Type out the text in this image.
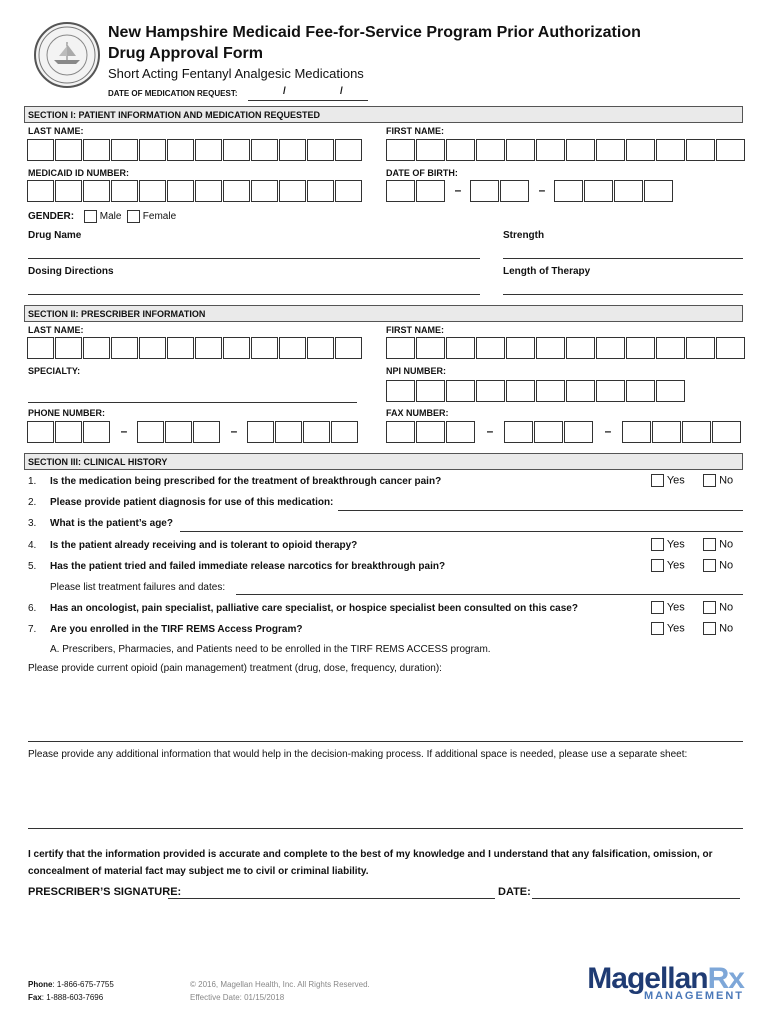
New Hampshire Medicaid Fee-for-Service Program Prior Authorization
Drug Approval Form
Short Acting Fentanyl Analgesic Medications
DATE OF MEDICATION REQUEST:	/	/
SECTION I: PATIENT INFORMATION AND MEDICATION REQUESTED
LAST NAME:	FIRST NAME:
MEDICAID ID NUMBER:	DATE OF BIRTH:
–	–
GENDER:	Male	Female
Drug Name	Strength
Dosing Directions	Length of Therapy
SECTION II: PRESCRIBER INFORMATION
LAST NAME:	FIRST NAME:
SPECIALTY:	NPI NUMBER:
PHONE NUMBER:	FAX NUMBER:
–	–	–	–
SECTION III: CLINICAL HISTORY
1. Is the medication being prescribed for the treatment of breakthrough cancer pain?	Yes	No
2. Please provide patient diagnosis for use of this medication:
3. What is the patient’s age?
4. Is the patient already receiving and is tolerant to opioid therapy?	Yes	No
5. Has the patient tried and failed immediate release narcotics for breakthrough pain?	Yes	No
Please list treatment failures and dates:
6. Has an oncologist, pain specialist, palliative care specialist, or hospice specialist been consulted on this case?	Yes	No
7. Are you enrolled in the TIRF REMS Access Program?	Yes	No
A. Prescribers, Pharmacies, and Patients need to be enrolled in the TIRF REMS ACCESS program.
Please provide current opioid (pain management) treatment (drug, dose, frequency, duration):
Please provide any additional information that would help in the decision-making process. If additional space is needed, please use a separate sheet:
I certify that the information provided is accurate and complete to the best of my knowledge and I understand that any falsification, omission, or
concealment of material fact may subject me to civil or criminal liability.
PRESCRIBER’S SIGNATURE:	DATE:
Phone: 1-866-675-7755
Fax: 1-888-603-7696
© 2016, Magellan Health, Inc. All Rights Reserved.
Effective Date: 01/15/2018
MagellanRx
MANAGEMENT
